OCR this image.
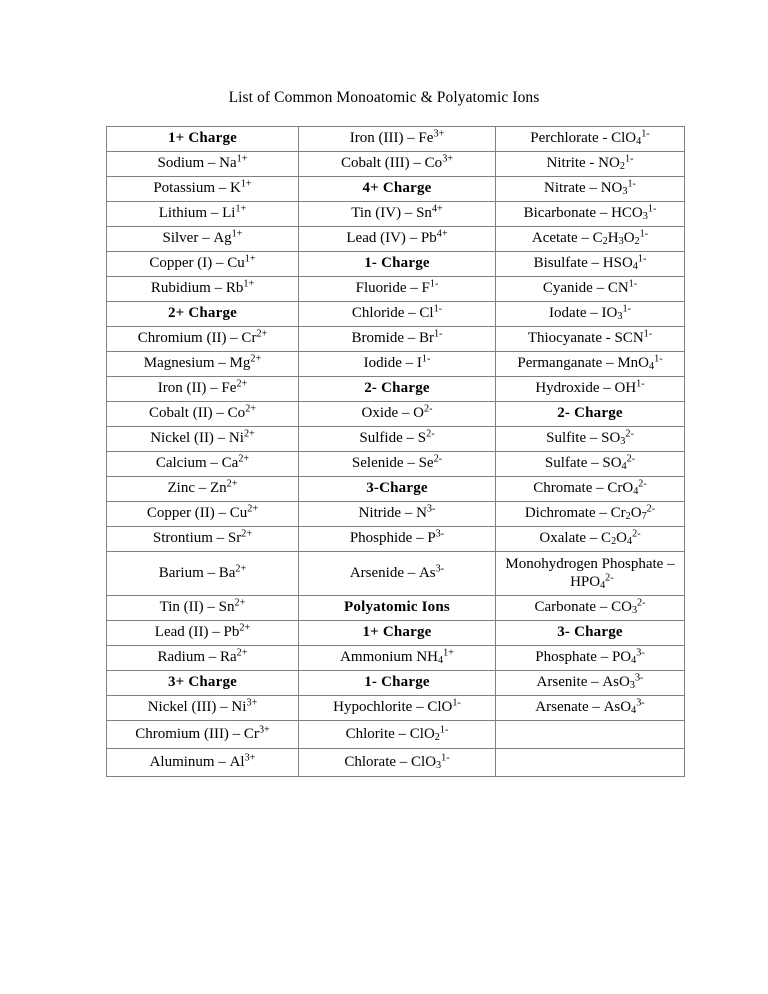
List of Common Monoatomic & Polyatomic Ions
1+ Charge	Iron $(III) - Fe^{3+}$	Perchlorate - ClO$_4^{1-}$
Sodium – $Na^{1+}$	Cobalt $(III) - Co^{3+}$	Nitrite - $NO_2^{1-}$
Potassium – $K^{1+}$	4+ Charge	Nitrate – $NO_3^{1-}$
Lithium – $Li^{1+}$	Tin $(IV) - Sn^{4+}$	Bicarbonate – $HCO_3^{1-}$
Silver – $Ag^{1+}$	Lead $(IV) - Pb^{4+}$	Acetate – $C_2H_3O_2^{1-}$
Copper $(I) - Cu^{1+}$	1- Charge	Bisulfate – $HSO_4^{1-}$
Rubidium – $Rb^{1+}$	Fluoride – $F^{1-}$	Cyanide – $CN^{1-}$
2+ Charge	Chloride – $Cl^{1-}$	Iodate – $IO_3^{1-}$
Chromium $(II) - Cr^{2+}$	Bromide – $Br^{1-}$	Thiocyanate - $SCN^{1-}$
Magnesium – $Mg^{2+}$	Iodide – $I^{1-}$	Permanganate – MnO$_4^{1-}$
Iron $(II) - Fe^{2+}$	2- Charge	Hydroxide – $OH^{1-}$
Cobalt $(II) - Co^{2+}$	Oxide – $O^{2-}$	2- Charge
Nickel $(II) - Ni^{2+}$	Sulfide – $S^{2-}$	Sulfite – $SO_3^{2-}$
Calcium – $Ca^{2+}$	Selenide – $Se^{2-}$	Sulfate – $SO_4^{2-}$
Zinc – $Zn^{2+}$	3-Charge	Chromate – CrO$_4^{2-}$
Copper $(II) - Cu^{2+}$	Nitride – $N^{3-}$	Dichromate – $Cr_2O_7^{2-}$
Strontium – $Sr^{2+}$	Phosphide – $P^{3-}$	Oxalate – $C_2O_4^{2-}$
Barium – $Ba^{2+}$	Arsenide – $As^{3-}$	Monohydrogen Phosphate – $HPO_4^{2-}$
Tin $(II) - Sn^{2+}$	Polyatomic Ions	Carbonate – $CO_3^{2-}$
Lead $(II) - Pb^{2+}$	1+ Charge	3- Charge
Radium – $Ra^{2+}$	Ammonium $NH_4^{1+}$	Phosphate – $PO_4^{3-}$
3+ Charge	1- Charge	Arsenite – AsO$_3^{3-}$
Nickel $(III) - Ni^{3+}$	Hypochlorite – ClO$^{1-}$	Arsenate – AsO$_4^{3-}$
Chromium $(III) - Cr^{3+}$	Chlorite – ClO$_2^{1-}$	
Aluminum – $Al^{3+}$	Chlorate – ClO$_3^{1-}$	
